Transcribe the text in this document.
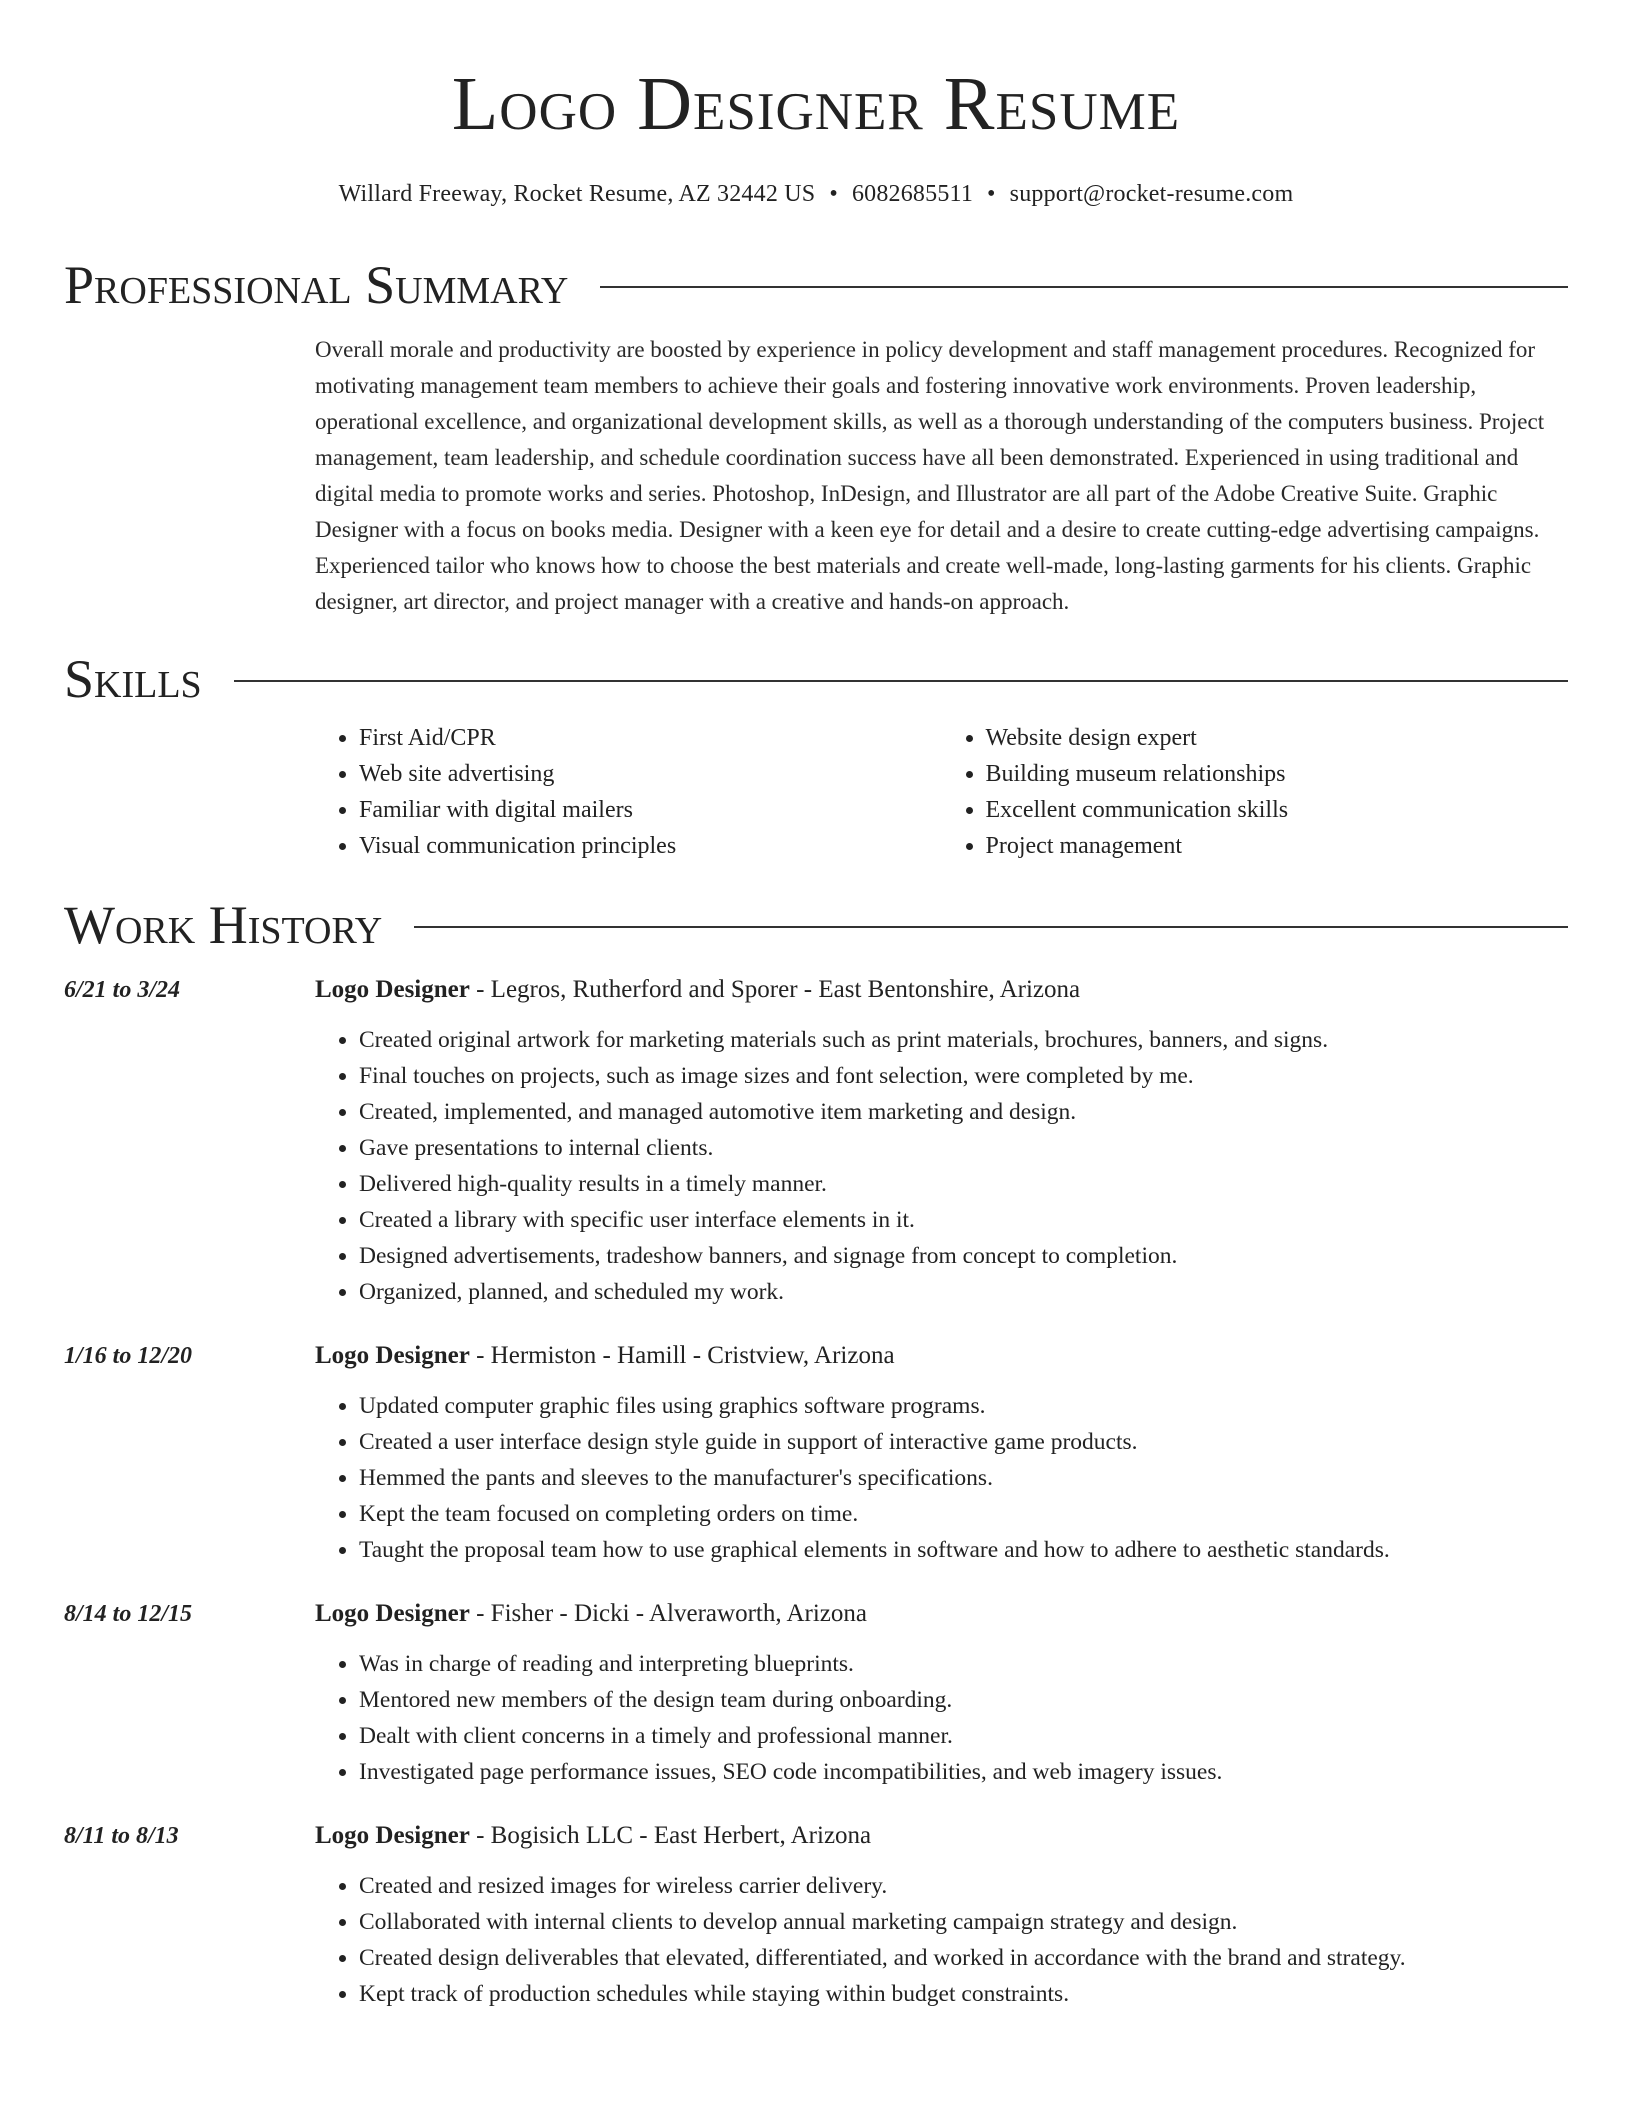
Logo Designer Resume
Willard Freeway, Rocket Resume, AZ 32442 US • 6082685511 • support@rocket-resume.com
Professional Summary
Overall morale and productivity are boosted by experience in policy development and staff management procedures. Recognized for motivating management team members to achieve their goals and fostering innovative work environments. Proven leadership, operational excellence, and organizational development skills, as well as a thorough understanding of the computers business. Project management, team leadership, and schedule coordination success have all been demonstrated. Experienced in using traditional and digital media to promote works and series. Photoshop, InDesign, and Illustrator are all part of the Adobe Creative Suite. Graphic Designer with a focus on books media. Designer with a keen eye for detail and a desire to create cutting-edge advertising campaigns. Experienced tailor who knows how to choose the best materials and create well-made, long-lasting garments for his clients. Graphic designer, art director, and project manager with a creative and hands-on approach.
Skills
• First Aid/CPR
• Web site advertising
• Familiar with digital mailers
• Visual communication principles
• Website design expert
• Building museum relationships
• Excellent communication skills
• Project management
Work History
6/21 to 3/24	Logo Designer - Legros, Rutherford and Sporer - East Bentonshire, Arizona
• Created original artwork for marketing materials such as print materials, brochures, banners, and signs.
• Final touches on projects, such as image sizes and font selection, were completed by me.
• Created, implemented, and managed automotive item marketing and design.
• Gave presentations to internal clients.
• Delivered high-quality results in a timely manner.
• Created a library with specific user interface elements in it.
• Designed advertisements, tradeshow banners, and signage from concept to completion.
• Organized, planned, and scheduled my work.
1/16 to 12/20	Logo Designer - Hermiston - Hamill - Cristview, Arizona
• Updated computer graphic files using graphics software programs.
• Created a user interface design style guide in support of interactive game products.
• Hemmed the pants and sleeves to the manufacturer's specifications.
• Kept the team focused on completing orders on time.
• Taught the proposal team how to use graphical elements in software and how to adhere to aesthetic standards.
8/14 to 12/15	Logo Designer - Fisher - Dicki - Alveraworth, Arizona
• Was in charge of reading and interpreting blueprints.
• Mentored new members of the design team during onboarding.
• Dealt with client concerns in a timely and professional manner.
• Investigated page performance issues, SEO code incompatibilities, and web imagery issues.
8/11 to 8/13	Logo Designer - Bogisich LLC - East Herbert, Arizona
• Created and resized images for wireless carrier delivery.
• Collaborated with internal clients to develop annual marketing campaign strategy and design.
• Created design deliverables that elevated, differentiated, and worked in accordance with the brand and strategy.
• Kept track of production schedules while staying within budget constraints.
